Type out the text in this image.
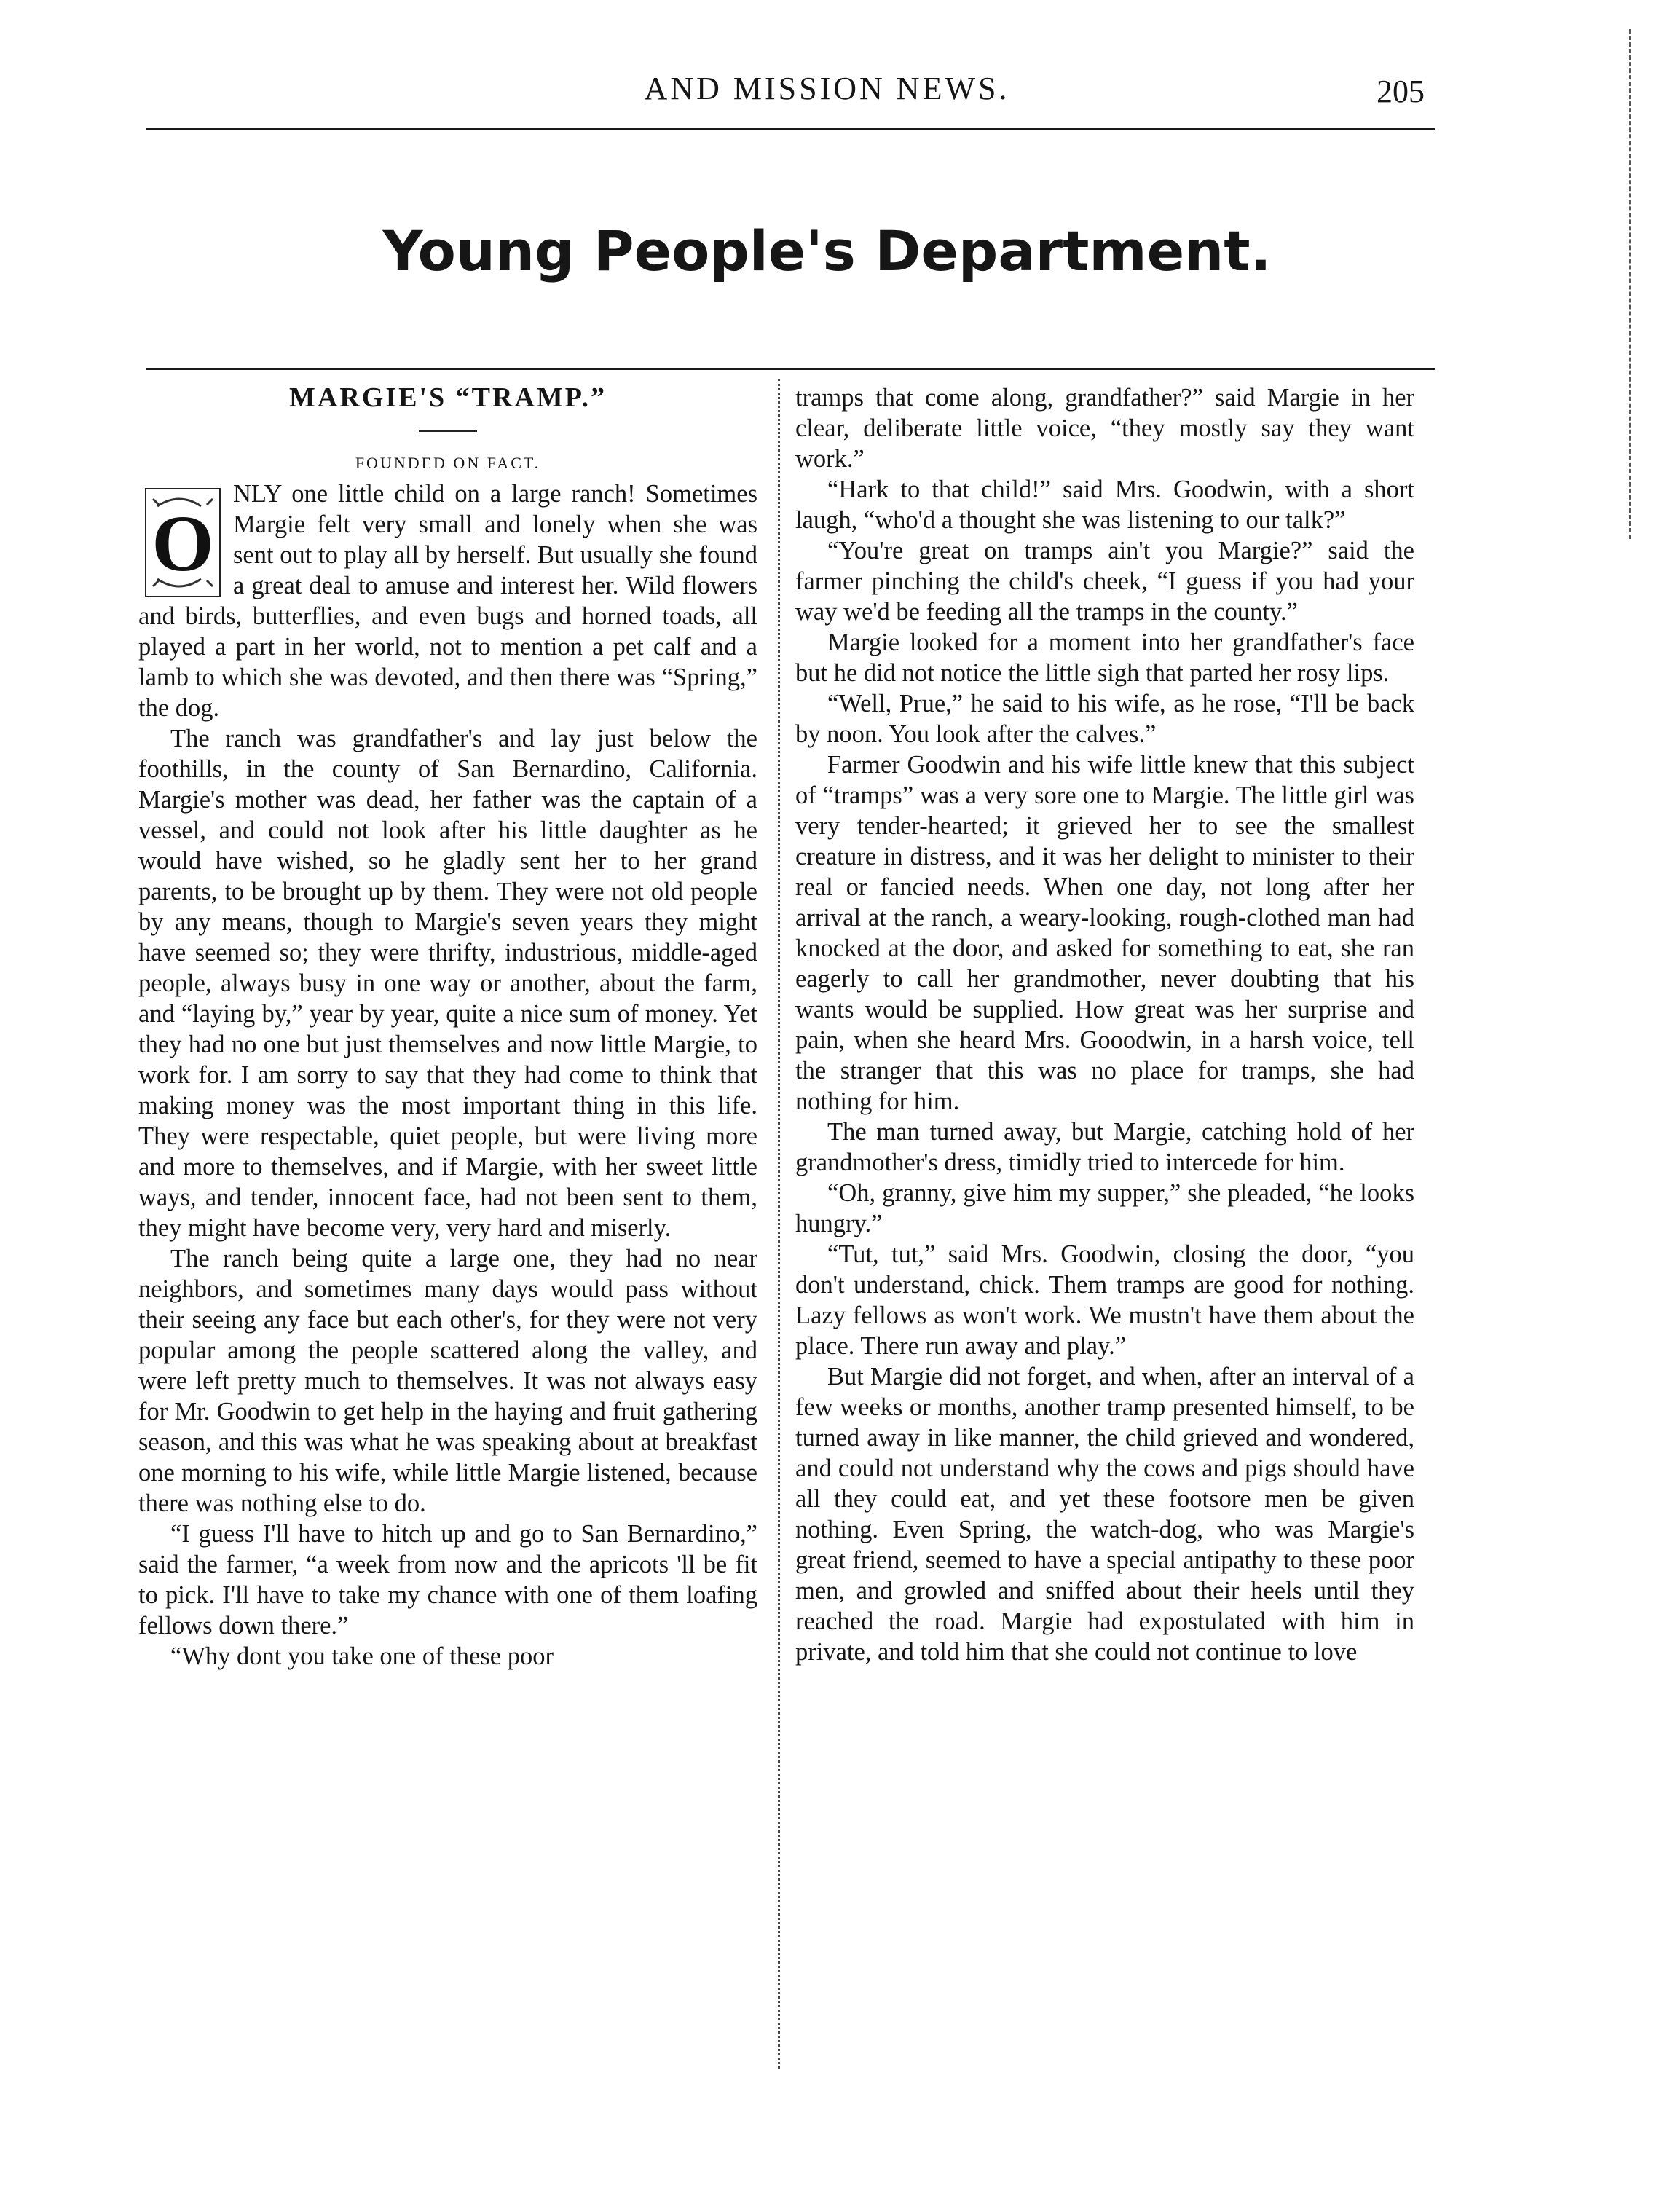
AND MISSION NEWS.	205
Young People's Department.
MARGIE'S “TRAMP.”

FOUNDED ON FACT.

O

NLY one little child on a large ranch! Sometimes Margie felt very small and lonely when she was sent out to play all by herself. But usually she found a great deal to amuse and interest her. Wild flowers and birds, butterflies, and even bugs and horned toads, all played a part in her world, not to mention a pet calf and a lamb to which she was devoted, and then there was “Spring,” the dog.

The ranch was grandfather's and lay just below the foothills, in the county of San Bernardino, California. Margie's mother was dead, her father was the captain of a vessel, and could not look after his little daughter as he would have wished, so he gladly sent her to her grand parents, to be brought up by them. They were not old people by any means, though to Margie's seven years they might have seemed so; they were thrifty, industrious, middle-aged people, always busy in one way or another, about the farm, and “laying by,” year by year, quite a nice sum of money. Yet they had no one but just themselves and now little Margie, to work for. I am sorry to say that they had come to think that making money was the most important thing in this life. They were respectable, quiet people, but were living more and more to themselves, and if Margie, with her sweet little ways, and tender, innocent face, had not been sent to them, they might have become very, very hard and miserly.

The ranch being quite a large one, they had no near neighbors, and sometimes many days would pass without their seeing any face but each other's, for they were not very popular among the people scattered along the valley, and were left pretty much to themselves. It was not always easy for Mr. Goodwin to get help in the haying and fruit gathering season, and this was what he was speaking about at breakfast one morning to his wife, while little Margie listened, because there was nothing else to do.

“I guess I'll have to hitch up and go to San Bernardino,” said the farmer, “a week from now and the apricots 'll be fit to pick. I'll have to take my chance with one of them loafing fellows down there.”

“Why dont you take one of these poor

tramps that come along, grandfather?” said Margie in her clear, deliberate little voice, “they mostly say they want work.”

“Hark to that child!” said Mrs. Goodwin, with a short laugh, “who'd a thought she was listening to our talk?”

“You're great on tramps ain't you Margie?” said the farmer pinching the child's cheek, “I guess if you had your way we'd be feeding all the tramps in the county.”

Margie looked for a moment into her grandfather's face but he did not notice the little sigh that parted her rosy lips.

“Well, Prue,” he said to his wife, as he rose, “I'll be back by noon. You look after the calves.”

Farmer Goodwin and his wife little knew that this subject of “tramps” was a very sore one to Margie. The little girl was very tender-hearted; it grieved her to see the smallest creature in distress, and it was her delight to minister to their real or fancied needs. When one day, not long after her arrival at the ranch, a weary-looking, rough-clothed man had knocked at the door, and asked for something to eat, she ran eagerly to call her grandmother, never doubting that his wants would be supplied. How great was her surprise and pain, when she heard Mrs. Gooodwin, in a harsh voice, tell the stranger that this was no place for tramps, she had nothing for him.

The man turned away, but Margie, catching hold of her grandmother's dress, timidly tried to intercede for him.

“Oh, granny, give him my supper,” she pleaded, “he looks hungry.”

“Tut, tut,” said Mrs. Goodwin, closing the door, “you don't understand, chick. Them tramps are good for nothing. Lazy fellows as won't work. We mustn't have them about the place. There run away and play.”

But Margie did not forget, and when, after an interval of a few weeks or months, another tramp presented himself, to be turned away in like manner, the child grieved and wondered, and could not understand why the cows and pigs should have all they could eat, and yet these footsore men be given nothing. Even Spring, the watch-dog, who was Margie's great friend, seemed to have a special antipathy to these poor men, and growled and sniffed about their heels until they reached the road. Margie had expostulated with him in private, and told him that she could not continue to love
